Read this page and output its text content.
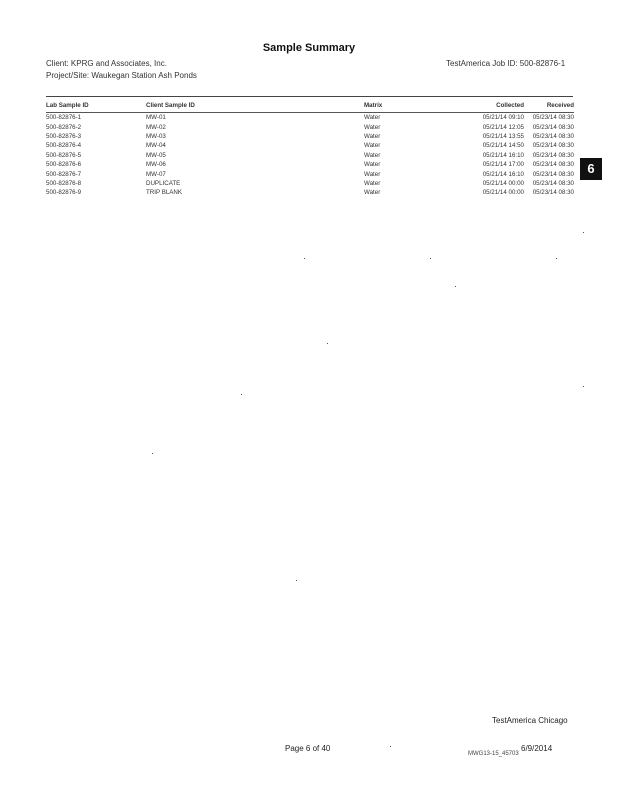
Sample Summary
Client: KPRG and Associates, Inc.
Project/Site: Waukegan Station Ash Ponds
TestAmerica Job ID: 500-82876-1
Lab Sample ID	Client Sample ID	Matrix	Collected	Received
500-82876-1	MW-01	Water	05/21/14 09:10	05/23/14 08:30
500-82876-2	MW-02	Water	05/21/14 12:05	05/23/14 08:30
500-82876-3	MW-03	Water	05/21/14 13:55	05/23/14 08:30
500-82876-4	MW-04	Water	05/21/14 14:50	05/23/14 08:30
500-82876-5	MW-05	Water	05/21/14 16:10	05/23/14 08:30
500-82876-6	MW-06	Water	05/21/14 17:00	05/23/14 08:30
500-82876-7	MW-07	Water	05/21/14 16:10	05/23/14 08:30
500-82876-8	DUPLICATE	Water	05/21/14 00:00	05/23/14 08:30
500-82876-9	TRIP BLANK	Water	05/21/14 00:00	05/23/14 08:30
6
TestAmerica Chicago
Page 6 of 40	6/9/2014
MWG13-15_45703
